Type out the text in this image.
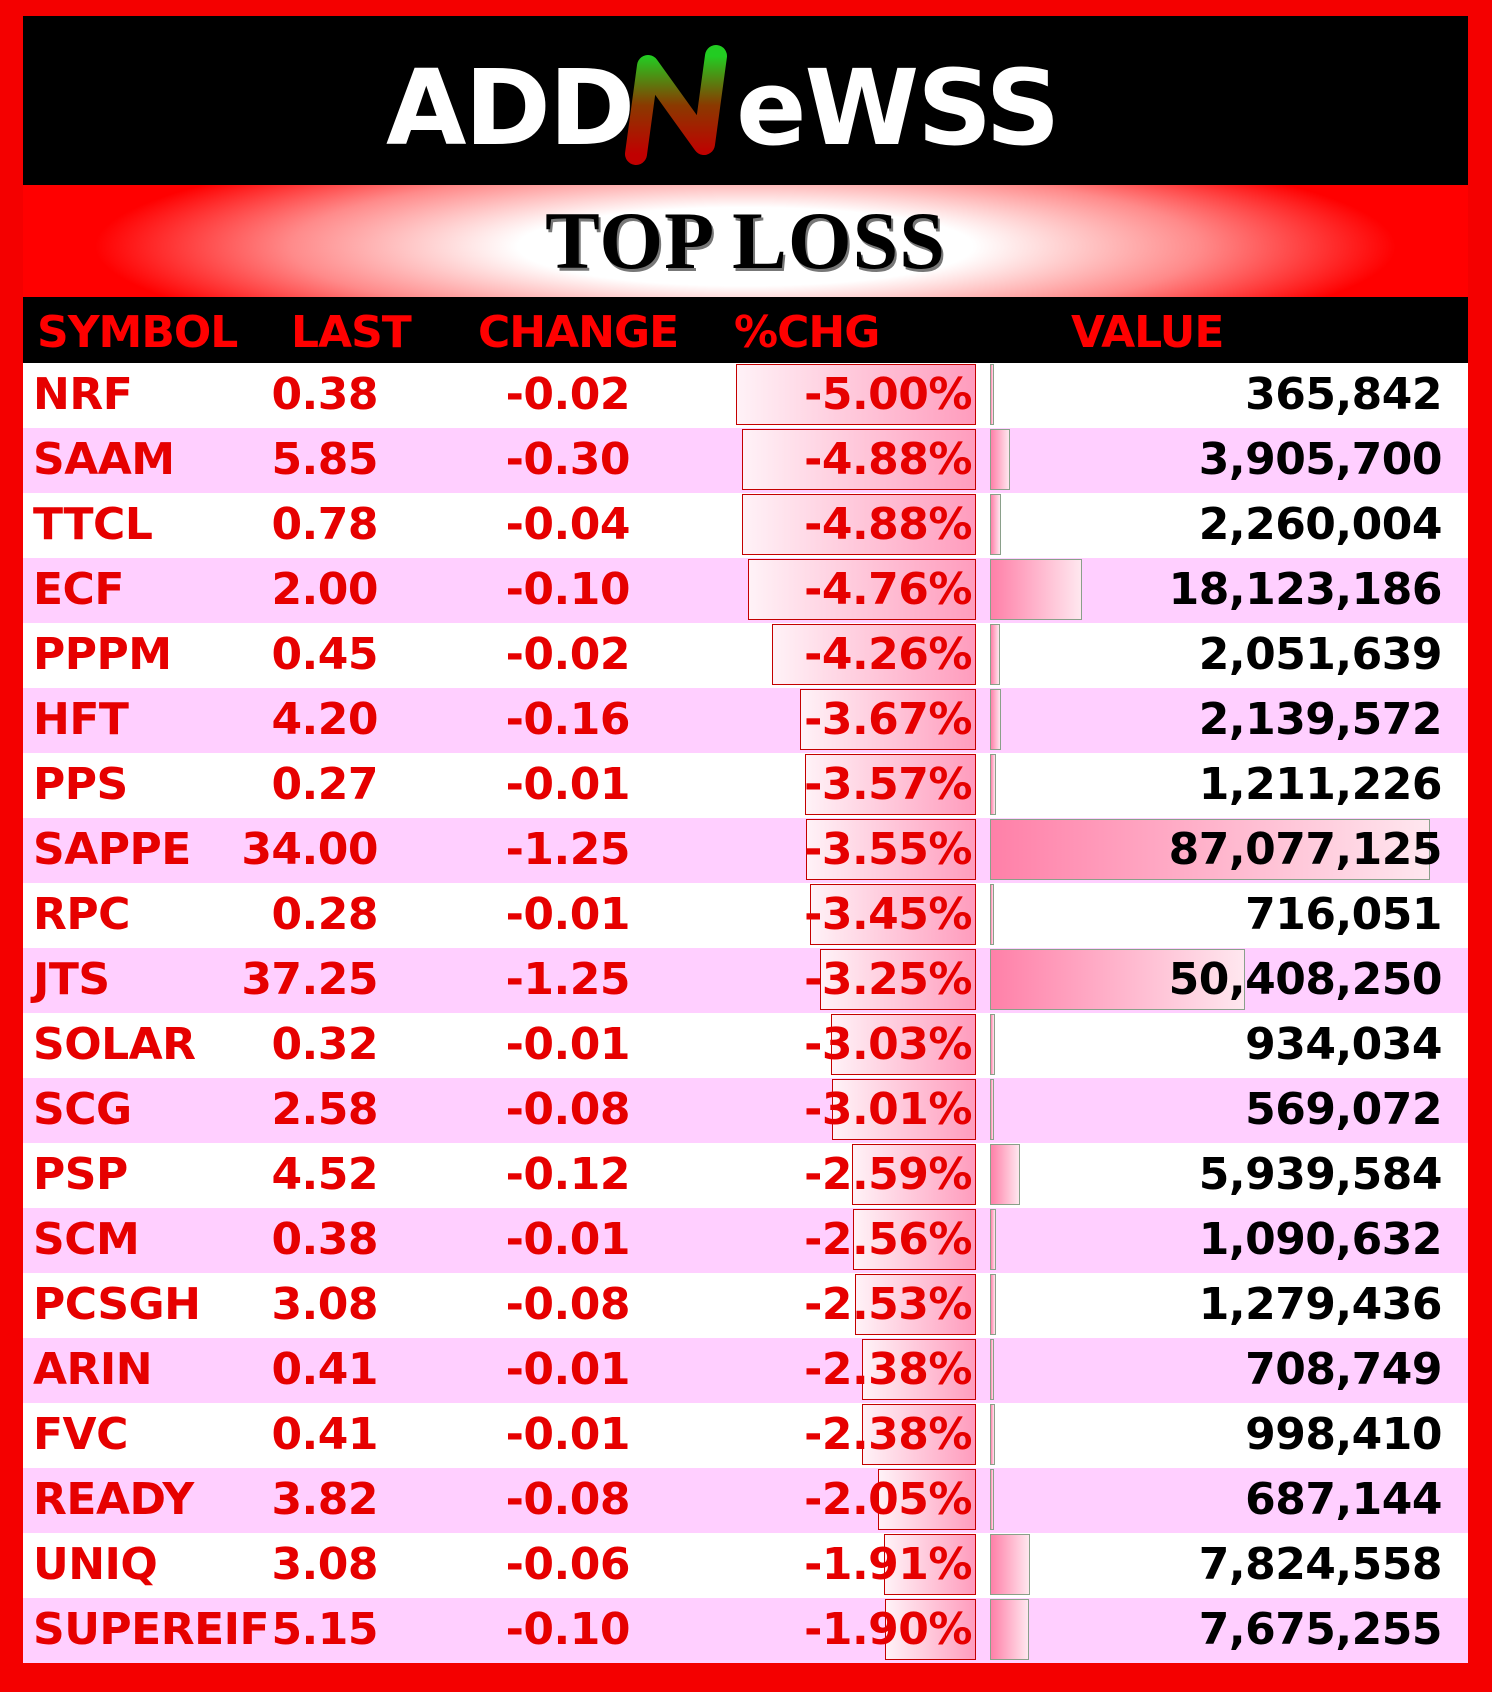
ADD eWSS
TOP LOSS
SYMBOL LAST CHANGE %CHG	VALUE
NRF	0.38	-0.02	-5.00%	365,842
SAAM 5.85	-0.30	-4.88%	3,905,700
TTCL	0.78	-0.04	-4.88%	2,260,004
ECF	2.00	-0.10	-4.76%	18,123,186
PPPM 0.45	-0.02	-4.26%	2,051,639
HFT	4.20	-0.16	-3.67%	2,139,572
PPS	0.27	-0.01	-3.57%	1,211,226
SAPPE 34.00	-1.25	-3.55%	87,077,125
RPC	0.28	-0.01	-3.45%	716,051
JTS	37.25	-1.25	-3.25%	50,408,250
SOLAR 0.32	-0.01	-3.03%	934,034
SCG	2.58	-0.08	-3.01%	569,072
PSP	4.52	-0.12	-2.59%	5,939,584
SCM	0.38	-0.01	-2.56%	1,090,632
PCSGH 3.08	-0.08	-2.53%	1,279,436
ARIN	0.41	-0.01	-2.38%	708,749
FVC	0.41	-0.01	-2.38%	998,410
READY 3.82	-0.08	-2.05%	687,144
UNIQ	3.08	-0.06	-1.91%	7,824,558
SUPEREIF 5.15	-0.10	-1.90%	7,675,255
